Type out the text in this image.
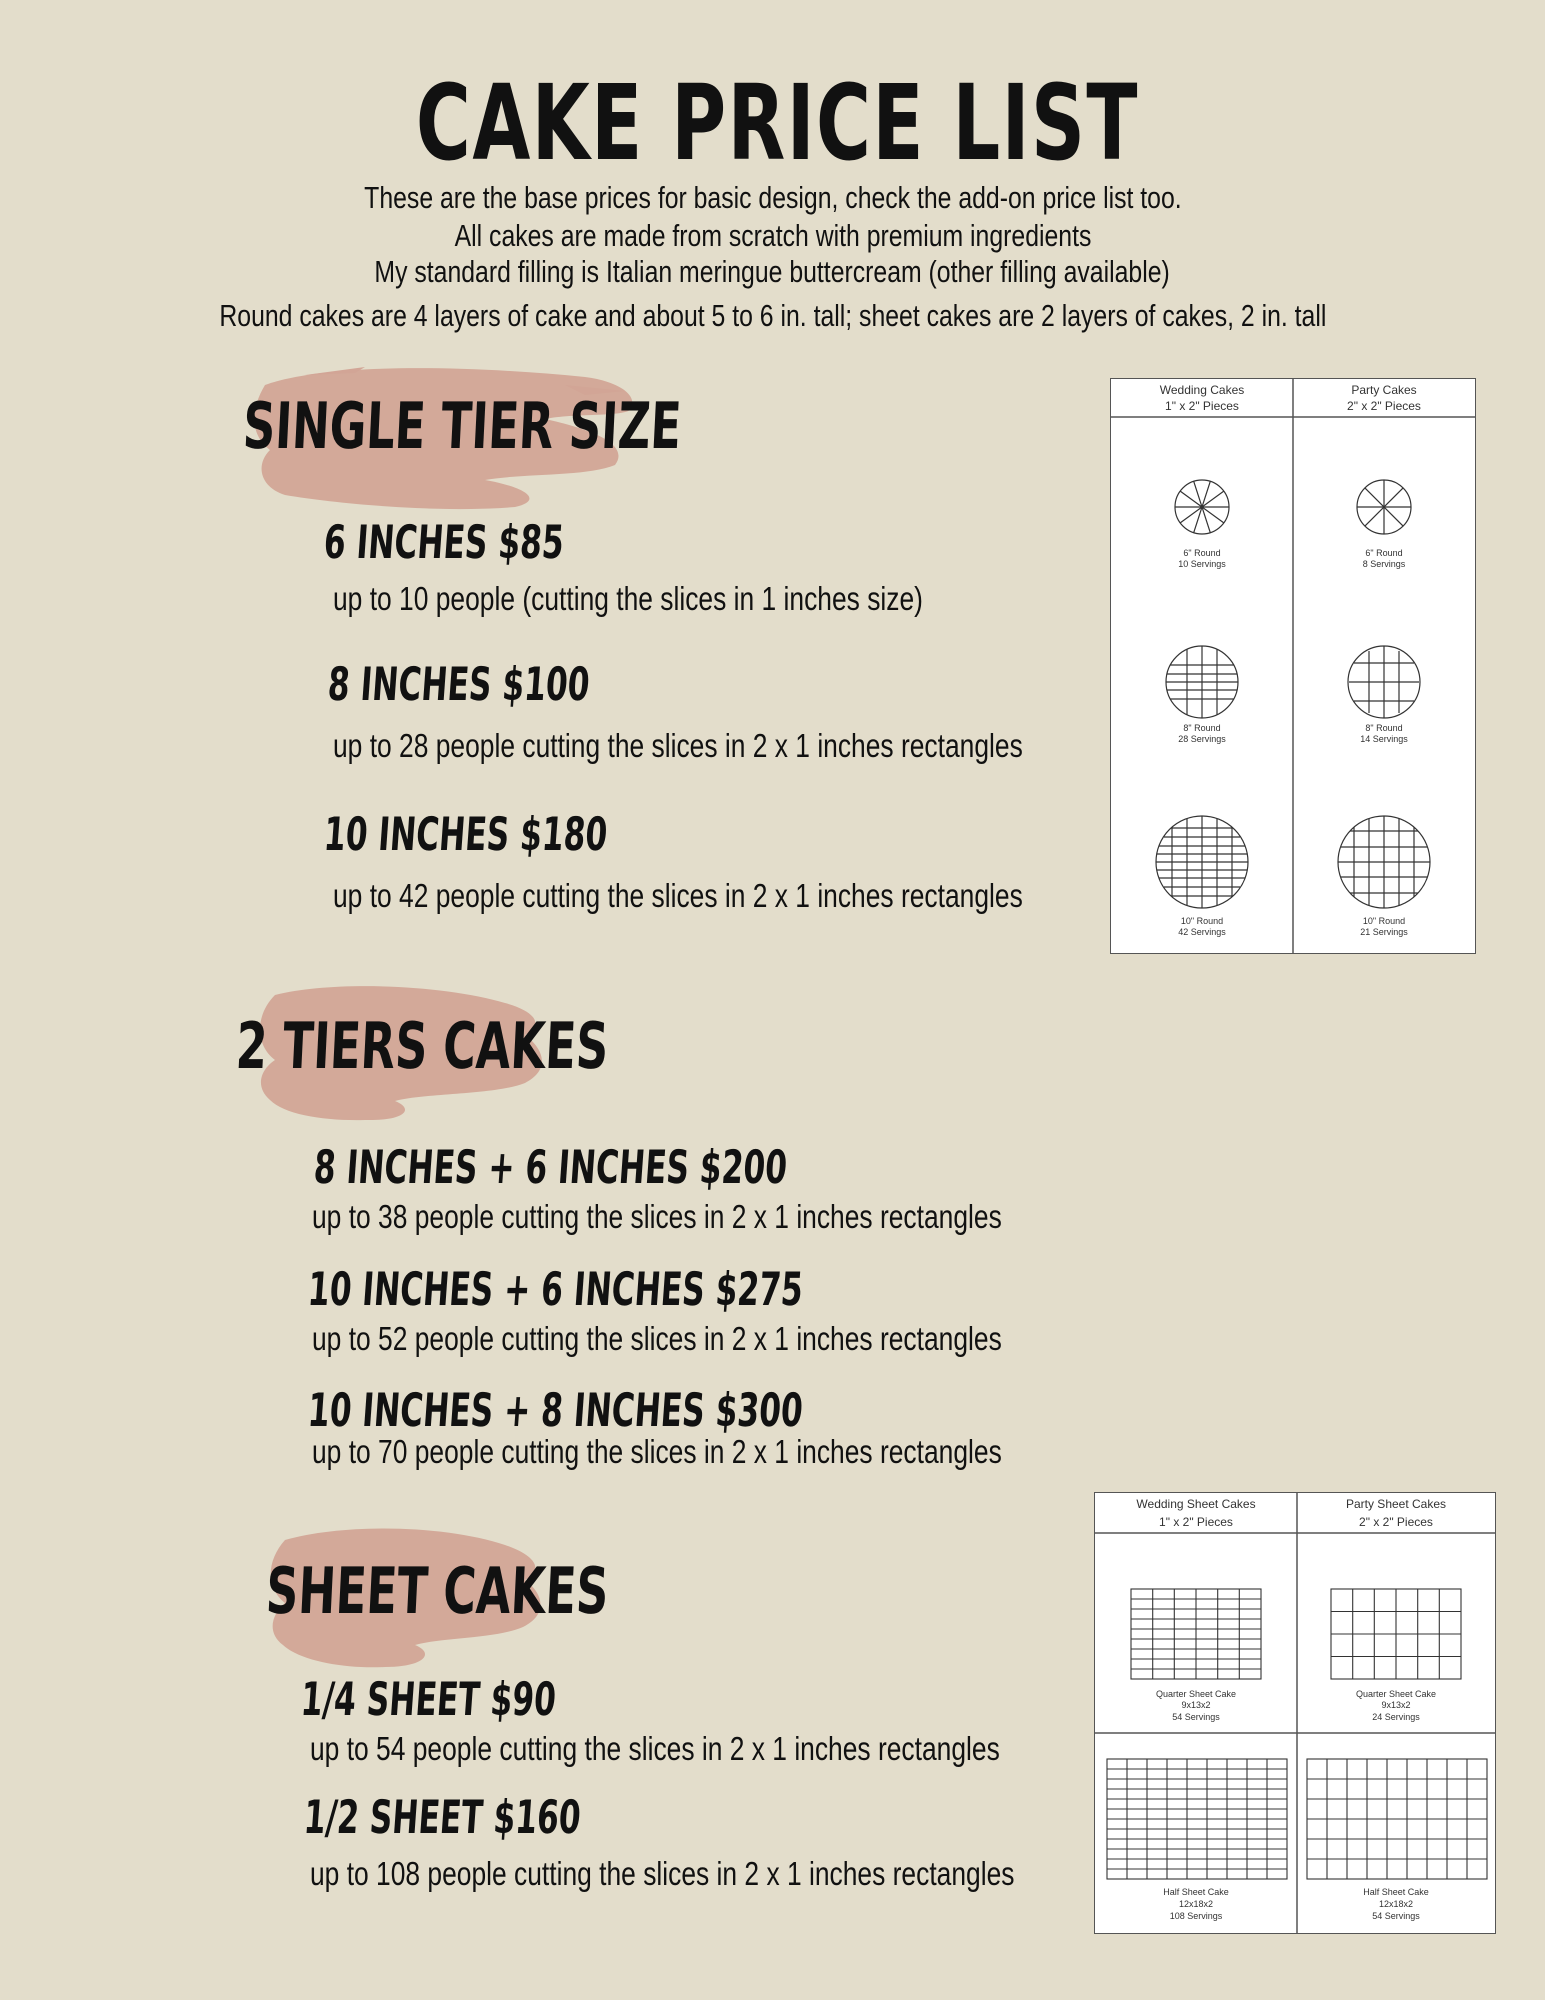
CAKE PRICE LIST
These are the base prices for basic design, check the add-on price list too.
All cakes are made from scratch with premium ingredients
My standard filling is Italian meringue buttercream (other filling available)
Round cakes are 4 layers of cake and about 5 to 6 in. tall; sheet cakes are 2 layers of cakes, 2 in. tall
SINGLE TIER SIZE
2 TIERS CAKES
SHEET CAKES
6 INCHES $85
up to 10 people (cutting the slices in 1 inches size)
8 INCHES $100
up to 28 people cutting the slices in 2 x 1 inches rectangles
10 INCHES $180
up to 42 people cutting the slices in 2 x 1 inches rectangles
8 INCHES + 6 INCHES $200
up to 38 people cutting the slices in 2 x 1 inches rectangles
10 INCHES + 6 INCHES $275
up to 52 people cutting the slices in 2 x 1 inches rectangles
10 INCHES + 8 INCHES $300
up to 70 people cutting the slices in 2 x 1 inches rectangles
1/4 SHEET $90
up to 54 people cutting the slices in 2 x 1 inches rectangles
1/2 SHEET $160
up to 108 people cutting the slices in 2 x 1 inches rectangles
Wedding Cakes
1" x 2" Pieces
Party Cakes
2" x 2" Pieces
6" Round
10 Servings
6" Round
8 Servings
8" Round
28 Servings
8" Round
14 Servings
10" Round
42 Servings
10" Round
21 Servings
Wedding Sheet Cakes
1" x 2" Pieces
Party Sheet Cakes
2" x 2" Pieces
Quarter Sheet Cake
9x13x2
54 Servings
Quarter Sheet Cake
9x13x2
24 Servings
Half Sheet Cake
12x18x2
108 Servings
Half Sheet Cake
12x18x2
54 Servings
